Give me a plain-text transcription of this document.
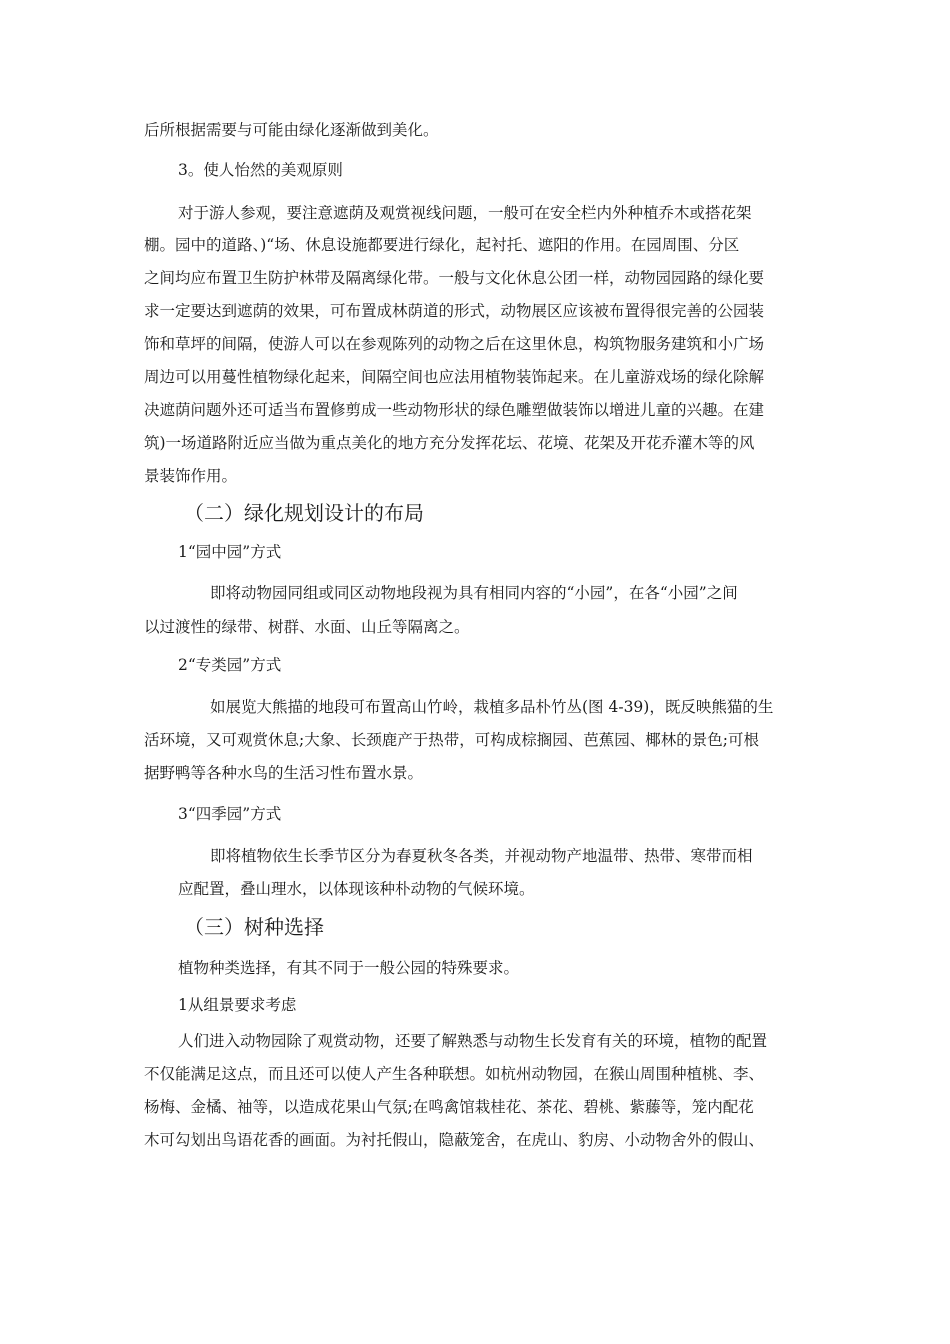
后所根据需要与可能由绿化逐渐做到美化。
3。使人怡然的美观原则
对于游人参观，要注意遮荫及观赏视线问题，一般可在安全栏内外种植乔木或搭花架
棚。园中的道路、)“场、休息设施都要进行绿化，起衬托、遮阳的作用。在园周围、分区
之间均应布置卫生防护林带及隔离绿化带。一般与文化休息公团一样，动物园园路的绿化要
求一定要达到遮荫的效果，可布置成林荫道的形式，动物展区应该被布置得很完善的公园装
饰和草坪的间隔，使游人可以在参观陈列的动物之后在这里休息，构筑物服务建筑和小广场
周边可以用蔓性植物绿化起来，间隔空间也应法用植物装饰起来。在儿童游戏场的绿化除解
决遮荫问题外还可适当布置修剪成一些动物形状的绿色雕塑做装饰以增进儿童的兴趣。在建
筑)一场道路附近应当做为重点美化的地方充分发挥花坛、花境、花架及开花乔灌木等的风
景装饰作用。
（二）绿化规划设计的布局
1“园中园”方式
即将动物园同组或同区动物地段视为具有相同内容的“小园”，在各“小园”之间
以过渡性的绿带、树群、水面、山丘等隔离之。
2“专类园”方式
如展览大熊描的地段可布置高山竹岭，栽植多品朴竹丛(图 4-39)，既反映熊猫的生
活环境，又可观赏休息;大象、长颈鹿产于热带，可构成棕搁园、芭蕉园、椰林的景色;可根
据野鸭等各种水鸟的生活习性布置水景。
3“四季园”方式
即将植物依生长季节区分为春夏秋冬各类，并视动物产地温带、热带、寒带而相
应配置，叠山理水，以体现该种朴动物的气候环境。
（三）树种选择
植物种类选择，有其不同于一般公园的特殊要求。
1从组景要求考虑
人们进入动物园除了观赏动物，还要了解熟悉与动物生长发育有关的环境，植物的配置
不仅能满足这点，而且还可以使人产生各种联想。如杭州动物园，在猴山周围种植桃、李、
杨梅、金橘、袖等，以造成花果山气氛;在鸣禽馆栽桂花、茶花、碧桃、紫藤等，笼内配花
木可勾划出鸟语花香的画面。为衬托假山，隐蔽笼舍，在虎山、豹房、小动物舍外的假山、
